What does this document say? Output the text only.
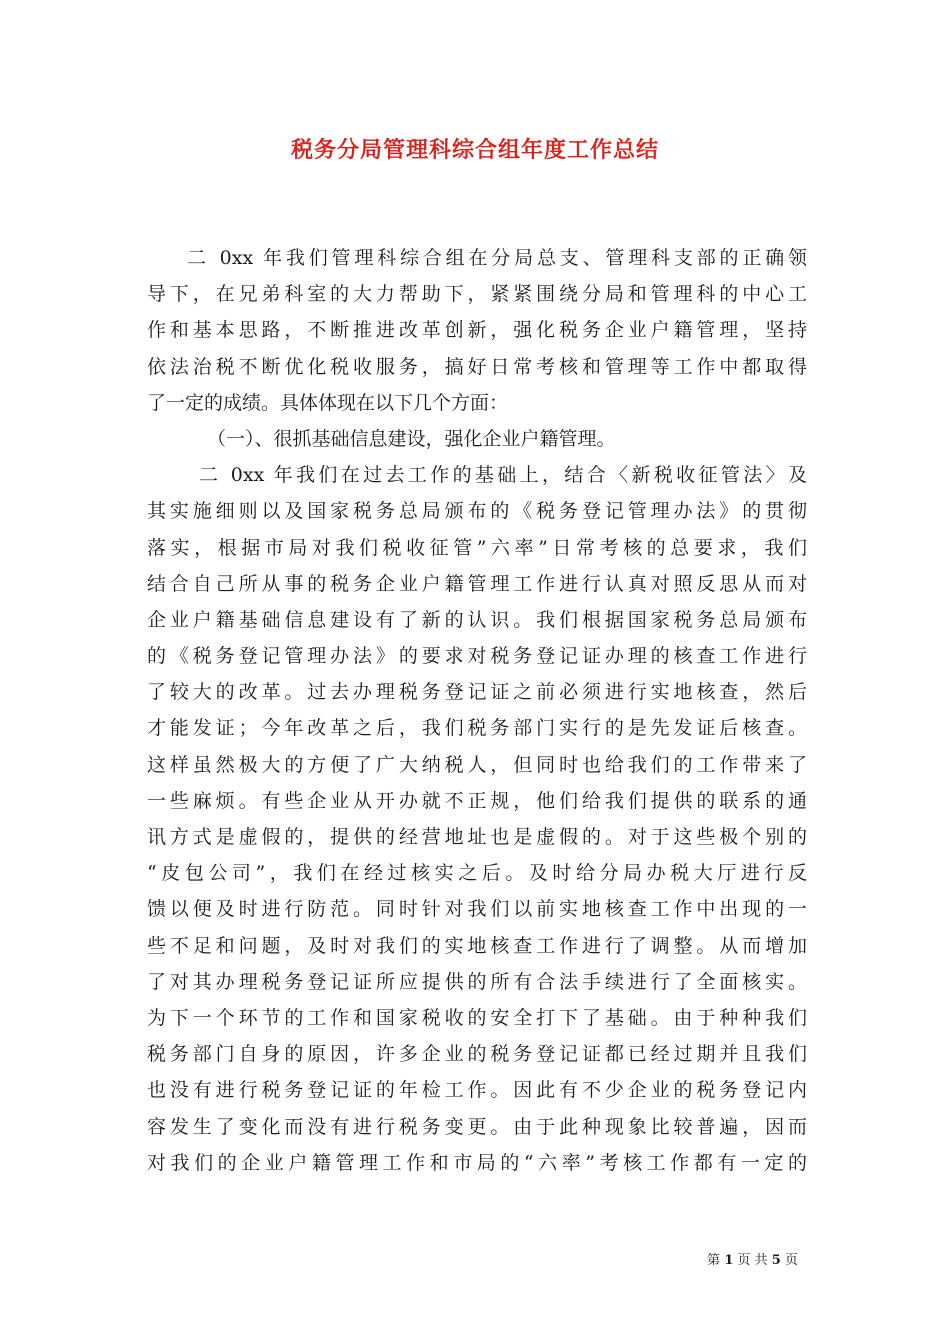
税务分局管理科综合组年度工作总结
二 0xx 年我们管理科综合组在分局总支、管理科支部的正确领
导下，在兄弟科室的大力帮助下，紧紧围绕分局和管理科的中心工
作和基本思路，不断推进改革创新，强化税务企业户籍管理，坚持
依法治税不断优化税收服务，搞好日常考核和管理等工作中都取得
了一定的成绩。具体体现在以下几个方面：
（一）、很抓基础信息建设，强化企业户籍管理。
二 0xx 年我们在过去工作的基础上，结合〈新税收征管法〉及
其实施细则以及国家税务总局颁布的《税务登记管理办法》的贯彻
落实，根据市局对我们税收征管”六率”日常考核的总要求，我们
结合自己所从事的税务企业户籍管理工作进行认真对照反思从而对
企业户籍基础信息建设有了新的认识。我们根据国家税务总局颁布
的《税务登记管理办法》的要求对税务登记证办理的核查工作进行
了较大的改革。过去办理税务登记证之前必须进行实地核查，然后
才能发证；今年改革之后，我们税务部门实行的是先发证后核查。
这样虽然极大的方便了广大纳税人，但同时也给我们的工作带来了
一些麻烦。有些企业从开办就不正规，他们给我们提供的联系的通
讯方式是虚假的，提供的经营地址也是虚假的。对于这些极个别的
“皮包公司”，我们在经过核实之后。及时给分局办税大厅进行反
馈以便及时进行防范。同时针对我们以前实地核查工作中出现的一
些不足和问题，及时对我们的实地核查工作进行了调整。从而增加
了对其办理税务登记证所应提供的所有合法手续进行了全面核实。
为下一个环节的工作和国家税收的安全打下了基础。由于种种我们
税务部门自身的原因，许多企业的税务登记证都已经过期并且我们
也没有进行税务登记证的年检工作。因此有不少企业的税务登记内
容发生了变化而没有进行税务变更。由于此种现象比较普遍，因而
对我们的企业户籍管理工作和市局的“六率”考核工作都有一定的
第 1 页 共 5 页
